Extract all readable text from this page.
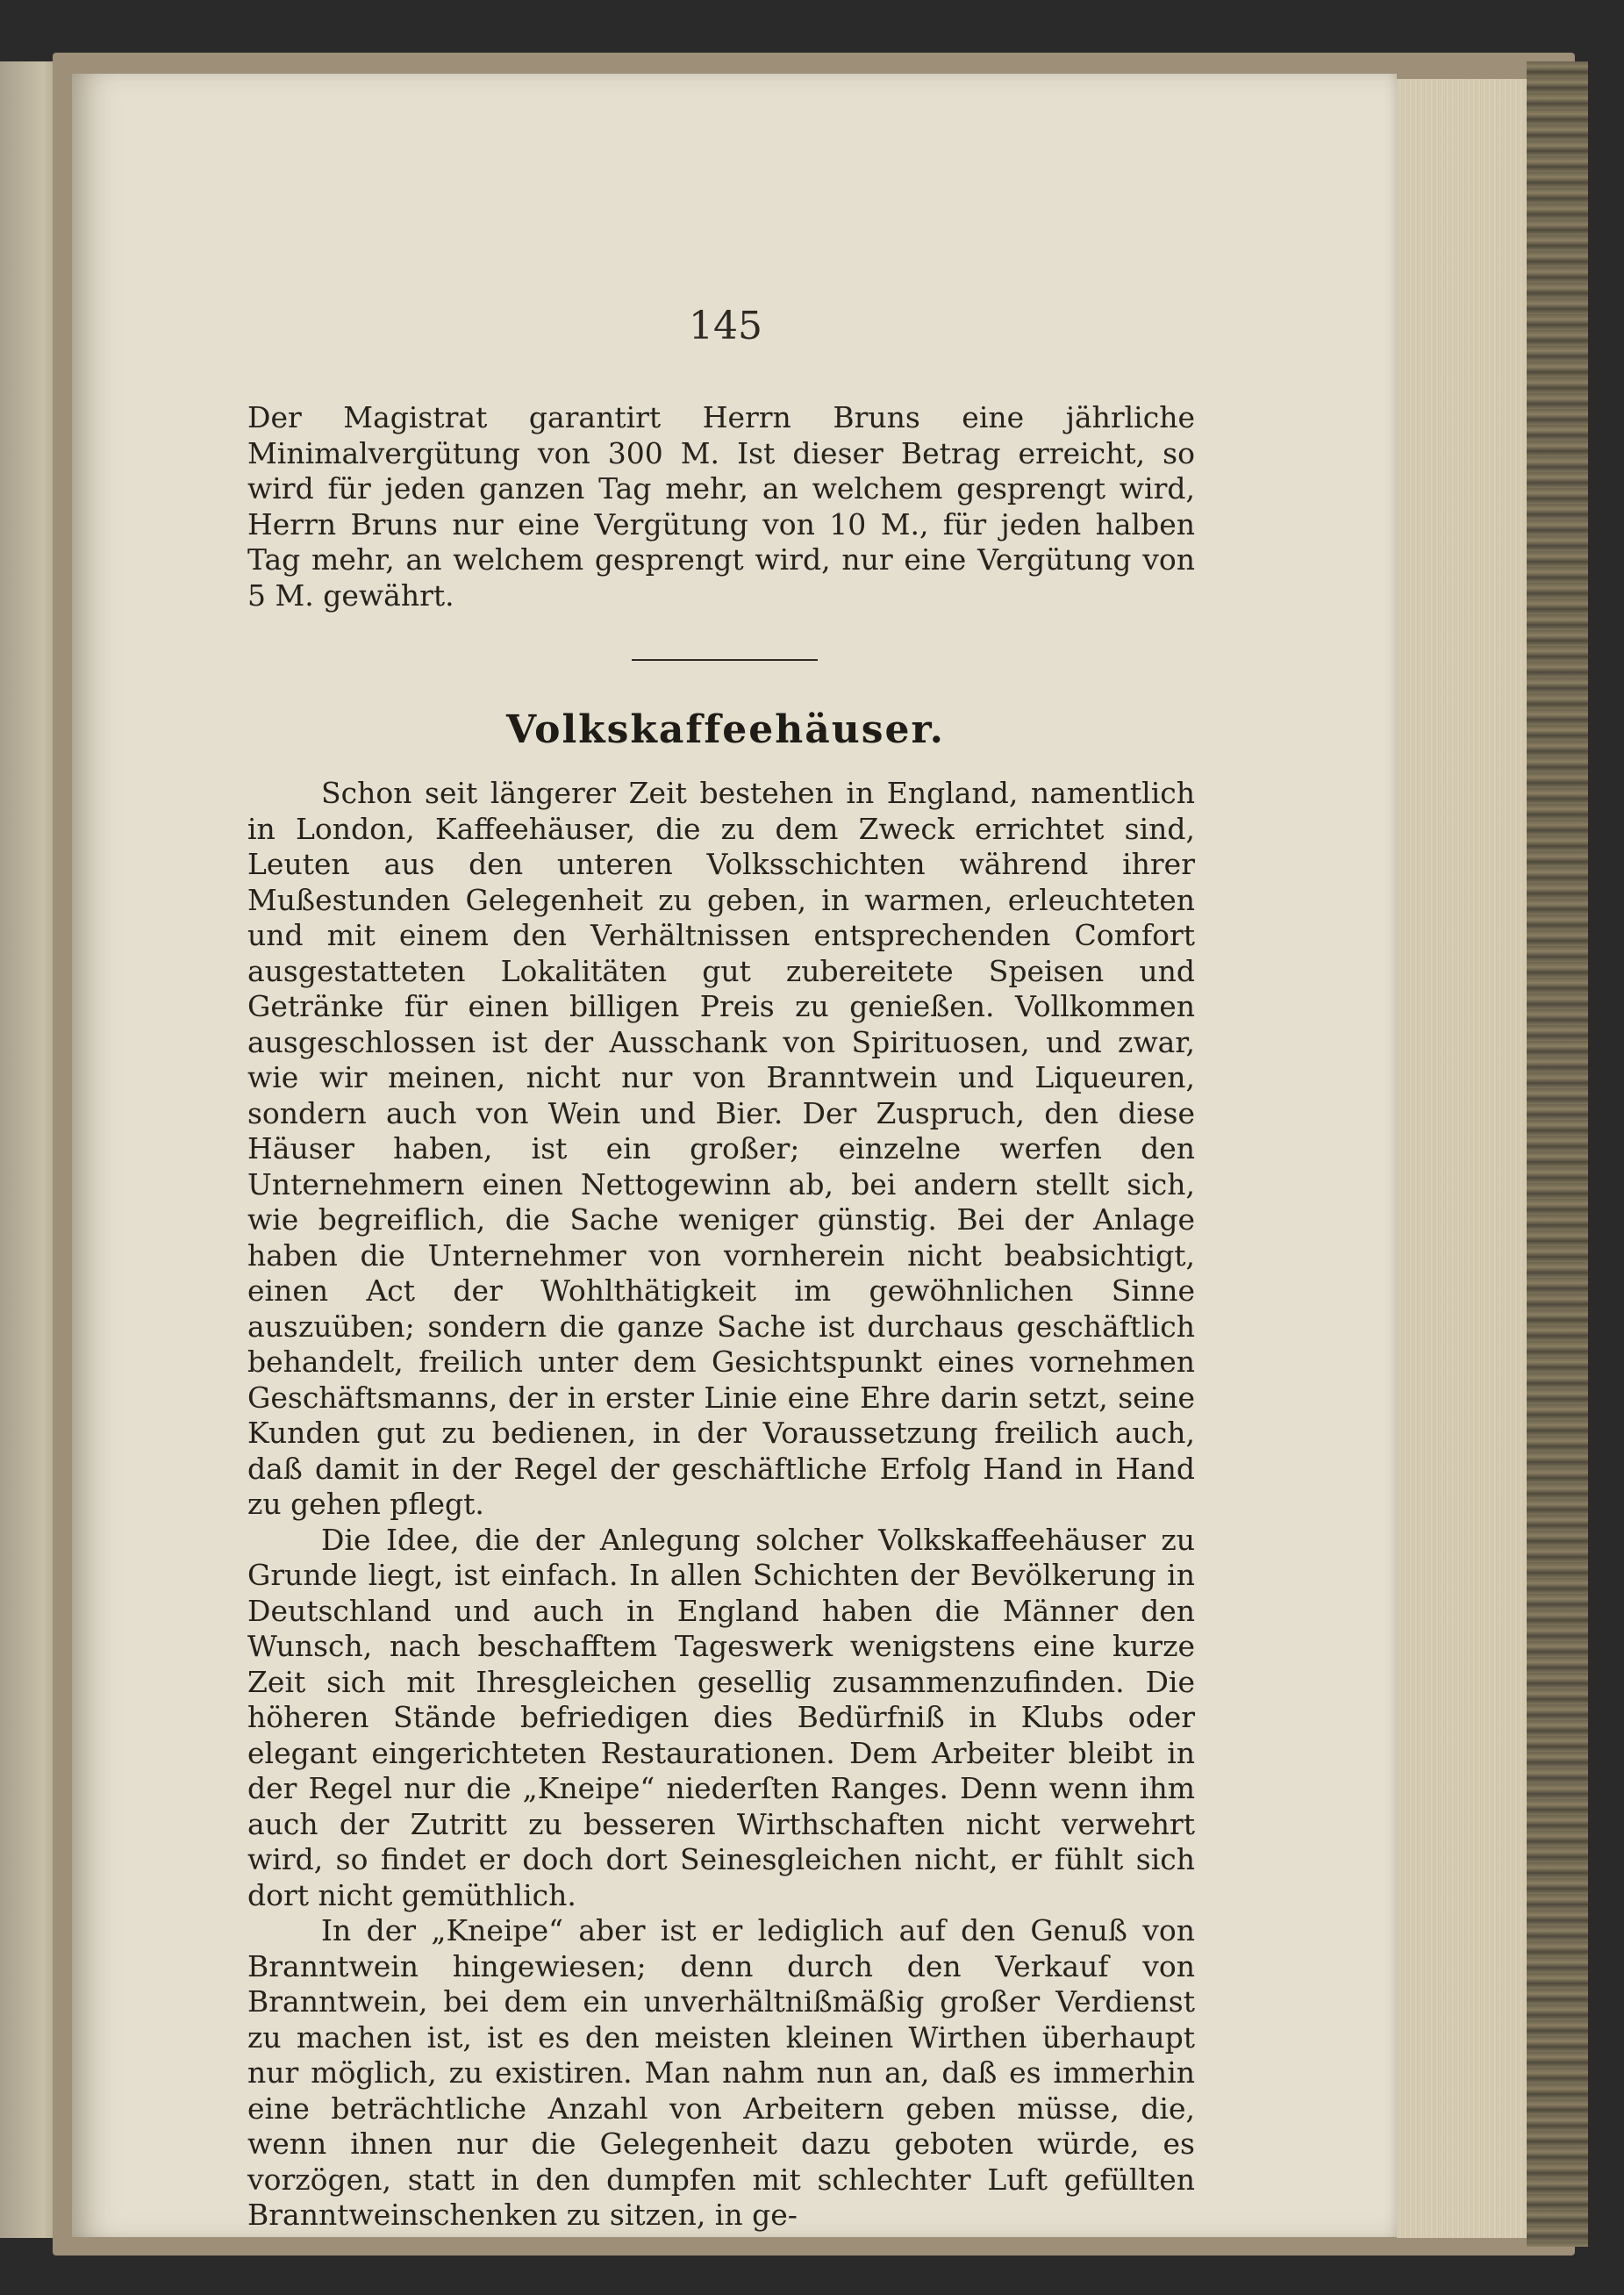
145
Der Magistrat garantirt Herrn Bruns eine jährliche Minimalvergütung von 300 M. Ist dieser Betrag erreicht, so wird für jeden ganzen Tag mehr, an welchem gesprengt wird, Herrn Bruns nur eine Vergütung von 10 M., für jeden halben Tag mehr, an welchem gesprengt wird, nur eine Vergütung von 5 M. gewährt.
Volkskaffeehäuser.

Schon seit längerer Zeit bestehen in England, namentlich in London, Kaffeehäuser, die zu dem Zweck errichtet sind, Leuten aus den unteren Volksschichten während ihrer Mußestunden Gelegenheit zu geben, in warmen, erleuchteten und mit einem den Verhältnissen entsprechenden Comfort ausgestatteten Lokalitäten gut zubereitete Speisen und Getränke für einen billigen Preis zu genießen. Vollkommen ausgeschlossen ist der Ausschank von Spirituosen, und zwar, wie wir meinen, nicht nur von Branntwein und Liqueuren, sondern auch von Wein und Bier. Der Zuspruch, den diese Häuser haben, ist ein großer; einzelne werfen den Unternehmern einen Nettogewinn ab, bei andern stellt sich, wie begreiflich, die Sache weniger günstig. Bei der Anlage haben die Unternehmer von vornherein nicht beabsichtigt, einen Act der Wohlthätigkeit im gewöhnlichen Sinne auszuüben; sondern die ganze Sache ist durchaus geschäftlich behandelt, freilich unter dem Gesichtspunkt eines vornehmen Geschäftsmanns, der in erster Linie eine Ehre darin setzt, seine Kunden gut zu bedienen, in der Voraussetzung freilich auch, daß damit in der Regel der geschäftliche Erfolg Hand in Hand zu gehen pflegt.

Die Idee, die der Anlegung solcher Volkskaffeehäuser zu Grunde liegt, ist einfach. In allen Schichten der Bevölkerung in Deutschland und auch in England haben die Männer den Wunsch, nach beschafftem Tageswerk wenigstens eine kurze Zeit sich mit Ihresgleichen gesellig zusammenzufinden. Die höheren Stände befriedigen dies Bedürfniß in Klubs oder elegant eingerichteten Restaurationen. Dem Arbeiter bleibt in der Regel nur die „Kneipe“ niederſten Ranges. Denn wenn ihm auch der Zutritt zu besseren Wirthschaften nicht verwehrt wird, so findet er doch dort Seinesgleichen nicht, er fühlt sich dort nicht gemüthlich.

In der „Kneipe“ aber ist er lediglich auf den Genuß von Branntwein hingewiesen; denn durch den Verkauf von Branntwein, bei dem ein unverhältnißmäßig großer Verdienst zu machen ist, ist es den meisten kleinen Wirthen überhaupt nur möglich, zu existiren. Man nahm nun an, daß es immerhin eine beträchtliche Anzahl von Arbeitern geben müsse, die, wenn ihnen nur die Gelegenheit dazu geboten würde, es vorzögen, statt in den dumpfen mit schlechter Luft gefüllten Branntweinschenken zu sitzen, in ge-
